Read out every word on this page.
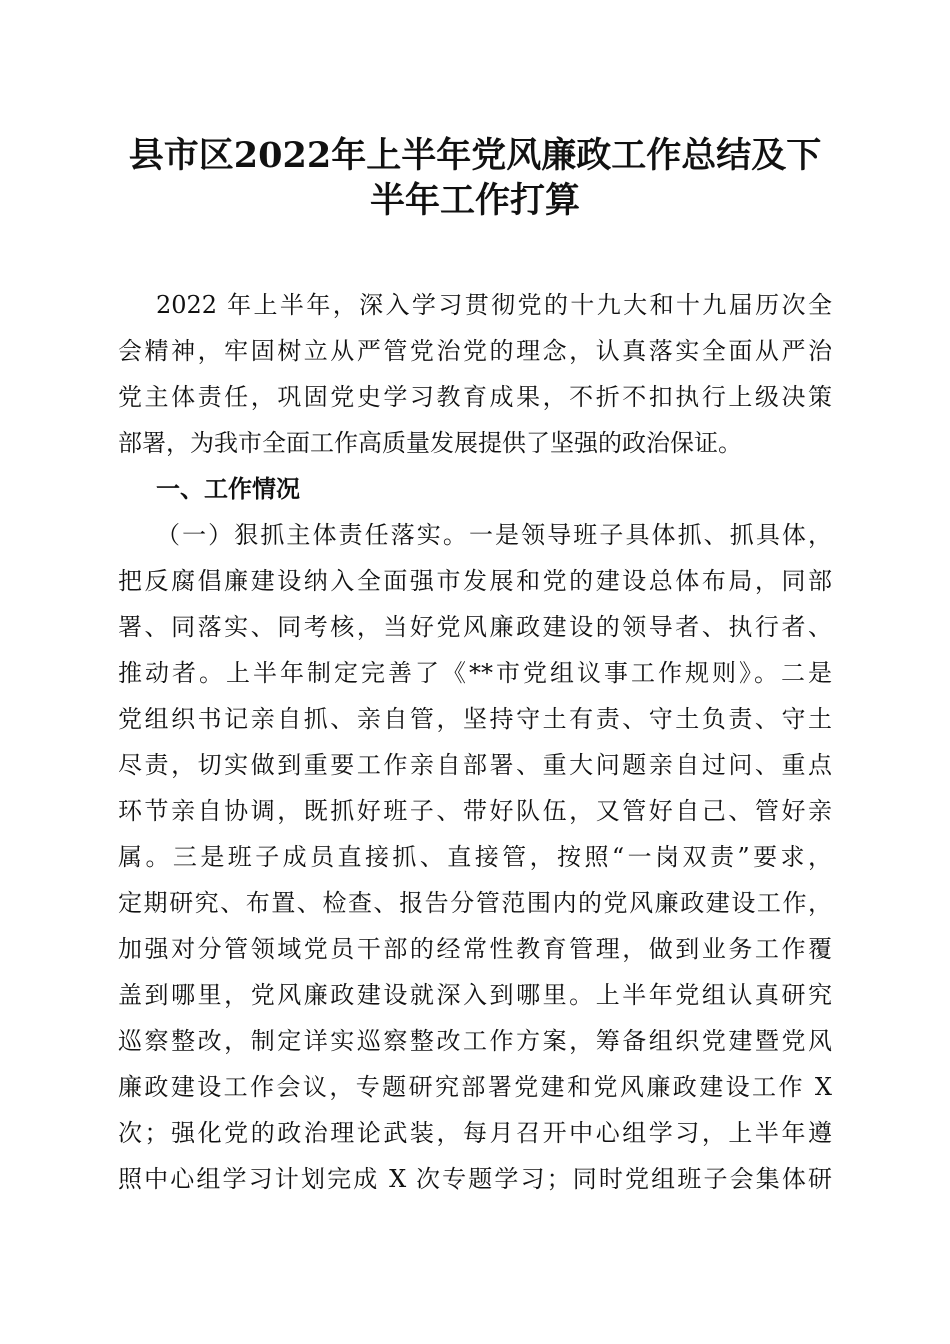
县市区2022年上半年党风廉政工作总结及下
半年工作打算
2022 年上半年，深入学习贯彻党的十九大和十九届历次全
会精神，牢固树立从严管党治党的理念，认真落实全面从严治
党主体责任，巩固党史学习教育成果，不折不扣执行上级决策
部署，为我市全面工作高质量发展提供了坚强的政治保证。
一、工作情况
（一）狠抓主体责任落实。一是领导班子具体抓、抓具体，
把反腐倡廉建设纳入全面强市发展和党的建设总体布局，同部
署、同落实、同考核，当好党风廉政建设的领导者、执行者、
推动者。上半年制定完善了《**市党组议事工作规则》。二是
党组织书记亲自抓、亲自管，坚持守土有责、守土负责、守土
尽责，切实做到重要工作亲自部署、重大问题亲自过问、重点
环节亲自协调，既抓好班子、带好队伍，又管好自己、管好亲
属。三是班子成员直接抓、直接管，按照“一岗双责”要求，
定期研究、布置、检查、报告分管范围内的党风廉政建设工作，
加强对分管领域党员干部的经常性教育管理，做到业务工作覆
盖到哪里，党风廉政建设就深入到哪里。上半年党组认真研究
巡察整改，制定详实巡察整改工作方案，筹备组织党建暨党风
廉政建设工作会议，专题研究部署党建和党风廉政建设工作 X
次；强化党的政治理论武装，每月召开中心组学习，上半年遵
照中心组学习计划完成 X 次专题学习；同时党组班子会集体研
